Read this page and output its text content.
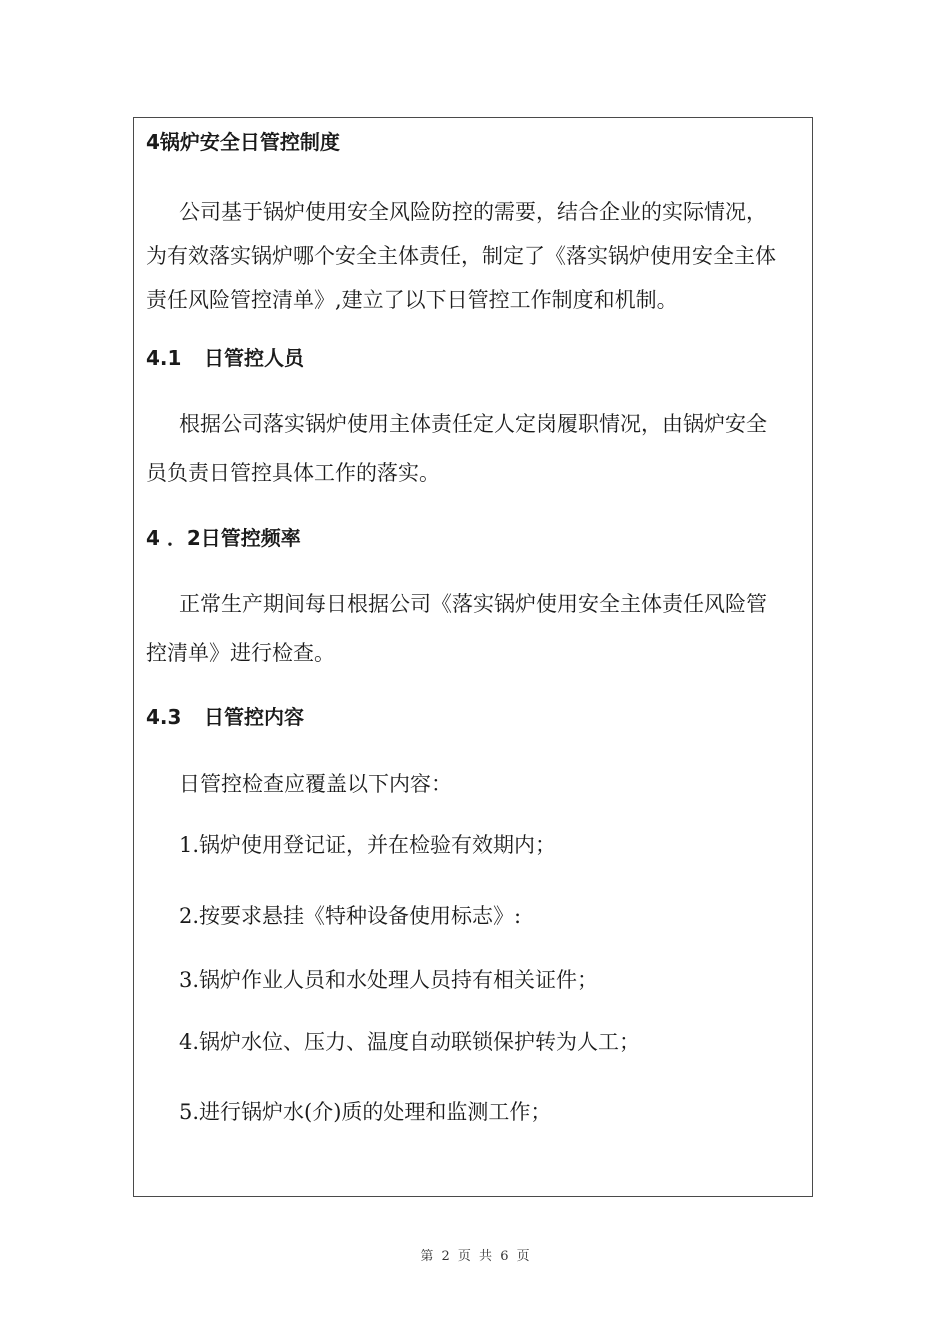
4锅炉安全日管控制度
公司基于锅炉使用安全风险防控的需要，结合企业的实际情况，
为有效落实锅炉哪个安全主体责任，制定了《落实锅炉使用安全主体
责任风险管控清单》,建立了以下日管控工作制度和机制。
4.1 日管控人员
根据公司落实锅炉使用主体责任定人定岗履职情况，由锅炉安全
员负责日管控具体工作的落实。
4 ．2日管控频率
正常生产期间每日根据公司《落实锅炉使用安全主体责任风险管
控清单》进行检查。
4.3 日管控内容
日管控检查应覆盖以下内容：
1.锅炉使用登记证，并在检验有效期内；
2.按要求悬挂《特种设备使用标志》:
3.锅炉作业人员和水处理人员持有相关证件；
4.锅炉水位、压力、温度自动联锁保护转为人工；
5.进行锅炉水(介)质的处理和监测工作；
第 2 页 共 6 页
